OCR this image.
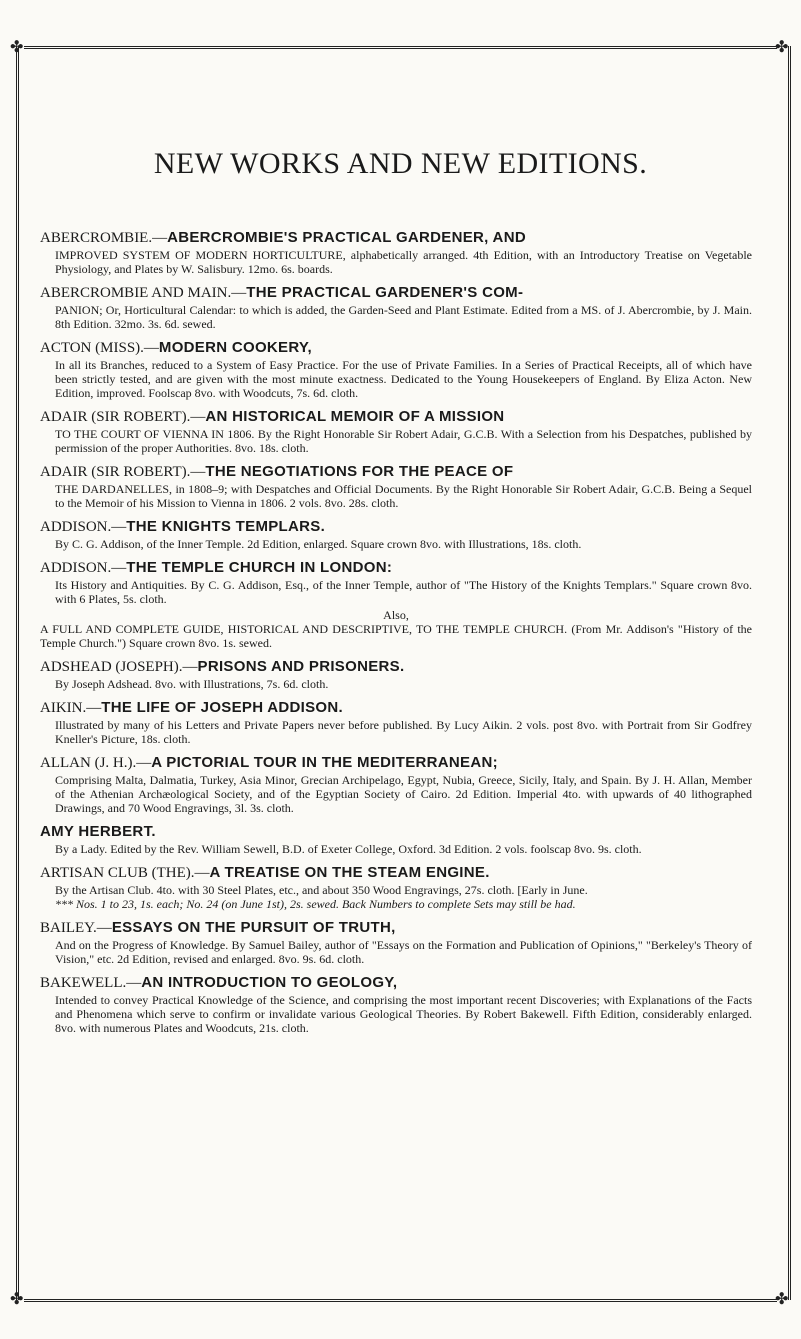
✤	✤
✤	✤
NEW WORKS AND NEW EDITIONS.
ABERCROMBIE.—ABERCROMBIE'S PRACTICAL GARDENER, AND
IMPROVED SYSTEM OF MODERN HORTICULTURE, alphabetically arranged. 4th Edition, with an Introductory Treatise on Vegetable Physiology, and Plates by W. Salisbury. 12mo. 6s. boards.
ABERCROMBIE AND MAIN.—THE PRACTICAL GARDENER'S COM-
PANION; Or, Horticultural Calendar: to which is added, the Garden-Seed and Plant Estimate. Edited from a MS. of J. Abercrombie, by J. Main. 8th Edition. 32mo. 3s. 6d. sewed.
ACTON (MISS).—MODERN COOKERY,
In all its Branches, reduced to a System of Easy Practice. For the use of Private Families. In a Series of Practical Receipts, all of which have been strictly tested, and are given with the most minute exactness. Dedicated to the Young Housekeepers of England. By Eliza Acton. New Edition, improved. Foolscap 8vo. with Woodcuts, 7s. 6d. cloth.
ADAIR (SIR ROBERT).—AN HISTORICAL MEMOIR OF A MISSION
TO THE COURT OF VIENNA IN 1806. By the Right Honorable Sir Robert Adair, G.C.B. With a Selection from his Despatches, published by permission of the proper Authorities. 8vo. 18s. cloth.
ADAIR (SIR ROBERT).—THE NEGOTIATIONS FOR THE PEACE OF
THE DARDANELLES, in 1808–9; with Despatches and Official Documents. By the Right Honorable Sir Robert Adair, G.C.B. Being a Sequel to the Memoir of his Mission to Vienna in 1806. 2 vols. 8vo. 28s. cloth.
ADDISON.—THE KNIGHTS TEMPLARS.
By C. G. Addison, of the Inner Temple. 2d Edition, enlarged. Square crown 8vo. with Illustrations, 18s. cloth.
ADDISON.—THE TEMPLE CHURCH IN LONDON:
Its History and Antiquities. By C. G. Addison, Esq., of the Inner Temple, author of "The History of the Knights Templars." Square crown 8vo. with 6 Plates, 5s. cloth.
Also,
A FULL AND COMPLETE GUIDE, HISTORICAL AND DESCRIPTIVE, TO THE TEMPLE CHURCH. (From Mr. Addison's "History of the Temple Church.") Square crown 8vo. 1s. sewed.
ADSHEAD (JOSEPH).—PRISONS AND PRISONERS.
By Joseph Adshead. 8vo. with Illustrations, 7s. 6d. cloth.
AIKIN.—THE LIFE OF JOSEPH ADDISON.
Illustrated by many of his Letters and Private Papers never before published. By Lucy Aikin. 2 vols. post 8vo. with Portrait from Sir Godfrey Kneller's Picture, 18s. cloth.
ALLAN (J. H.).—A PICTORIAL TOUR IN THE MEDITERRANEAN;
Comprising Malta, Dalmatia, Turkey, Asia Minor, Grecian Archipelago, Egypt, Nubia, Greece, Sicily, Italy, and Spain. By J. H. Allan, Member of the Athenian Archæological Society, and of the Egyptian Society of Cairo. 2d Edition. Imperial 4to. with upwards of 40 lithographed Drawings, and 70 Wood Engravings, 3l. 3s. cloth.
AMY HERBERT.
By a Lady. Edited by the Rev. William Sewell, B.D. of Exeter College, Oxford. 3d Edition. 2 vols. foolscap 8vo. 9s. cloth.
ARTISAN CLUB (THE).—A TREATISE ON THE STEAM ENGINE.
By the Artisan Club. 4to. with 30 Steel Plates, etc., and about 350 Wood Engravings, 27s. cloth. [Early in June.
*** Nos. 1 to 23, 1s. each; No. 24 (on June 1st), 2s. sewed. Back Numbers to complete Sets may still be had.
BAILEY.—ESSAYS ON THE PURSUIT OF TRUTH,
And on the Progress of Knowledge. By Samuel Bailey, author of "Essays on the Formation and Publication of Opinions," "Berkeley's Theory of Vision," etc. 2d Edition, revised and enlarged. 8vo. 9s. 6d. cloth.
BAKEWELL.—AN INTRODUCTION TO GEOLOGY,
Intended to convey Practical Knowledge of the Science, and comprising the most important recent Discoveries; with Explanations of the Facts and Phenomena which serve to confirm or invalidate various Geological Theories. By Robert Bakewell. Fifth Edition, considerably enlarged. 8vo. with numerous Plates and Woodcuts, 21s. cloth.
